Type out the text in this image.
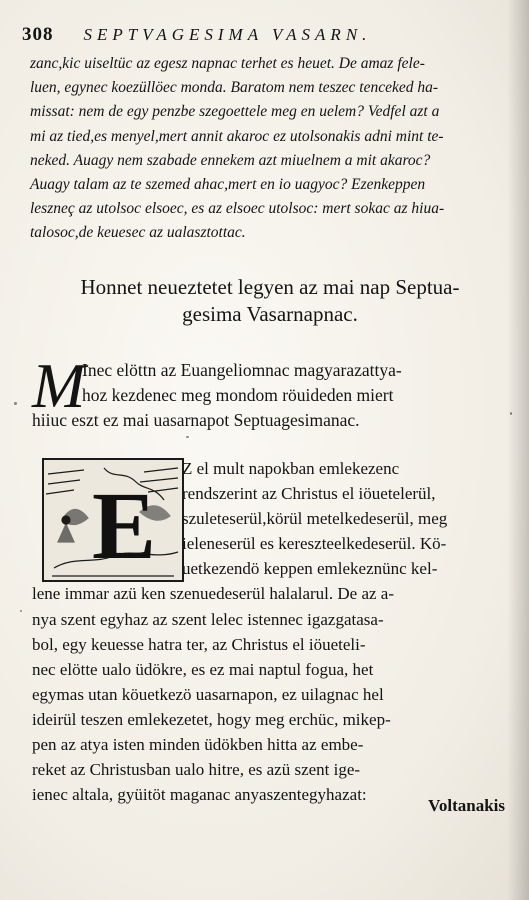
308 SEPTVAGESIMA VASARN.
zanc,kic uiseltüc az egesz napnac terhet es heuet. De amaz fele-
luen, egynec koezüllöec monda. Baratom nem teszec tenceked ha-
missat: nem de egy penzbe szegoettele meg en uelem? Vedfel azt a
mi az tied,es menyel,mert annit akaroc ez utolsonakis adni mint te-
neked. Auagy nem szabade ennekem azt miuelnem a mit akaroc?
Auagy talam az te szemed ahac,mert en io uagyoc? Ezenkeppen
leszneç az utolsoc elsoec, es az elsoec utolsoc: mert sokac az hiua-
talosoc,de keuesec az ualasztottac.
Honnet neueztetet legyen az mai nap Septua-
gesima Vasarnapnac.
M
Inec elöttn az Euangeliomnac magyarazattya-
hoz kezdenec meg mondom röuideden miert
hiiuc eszt ez mai uasarnapot Septuagesimanac.
E
Z el mult napokban emlekezenc
rendszerint az Christus el iöuetelerül,
szuleteserül,körül metelkedeserül, meg
ieleneserül es kereszteelkedeserül. Kö-
uetkezendö keppen emlekeznünc kel-
lene immar azü ken szenuedeserül halalarul. De az a-
nya szent egyhaz az szent lelec istennec igazgatasa-
bol, egy keuesse hatra ter, az Christus el iöueteli-
nec elötte ualo üdökre, es ez mai naptul fogua, het
egymas utan köuetkezö uasarnapon, ez uilagnac hel
ideirül teszen emlekezetet, hogy meg erchüc, mikep-
pen az atya isten minden üdökben hitta az embe-
reket az Christusban ualo hitre, es azü szent ige-
ienec altala, gyüitöt maganac anyaszentegyhazat:
Voltanakis
